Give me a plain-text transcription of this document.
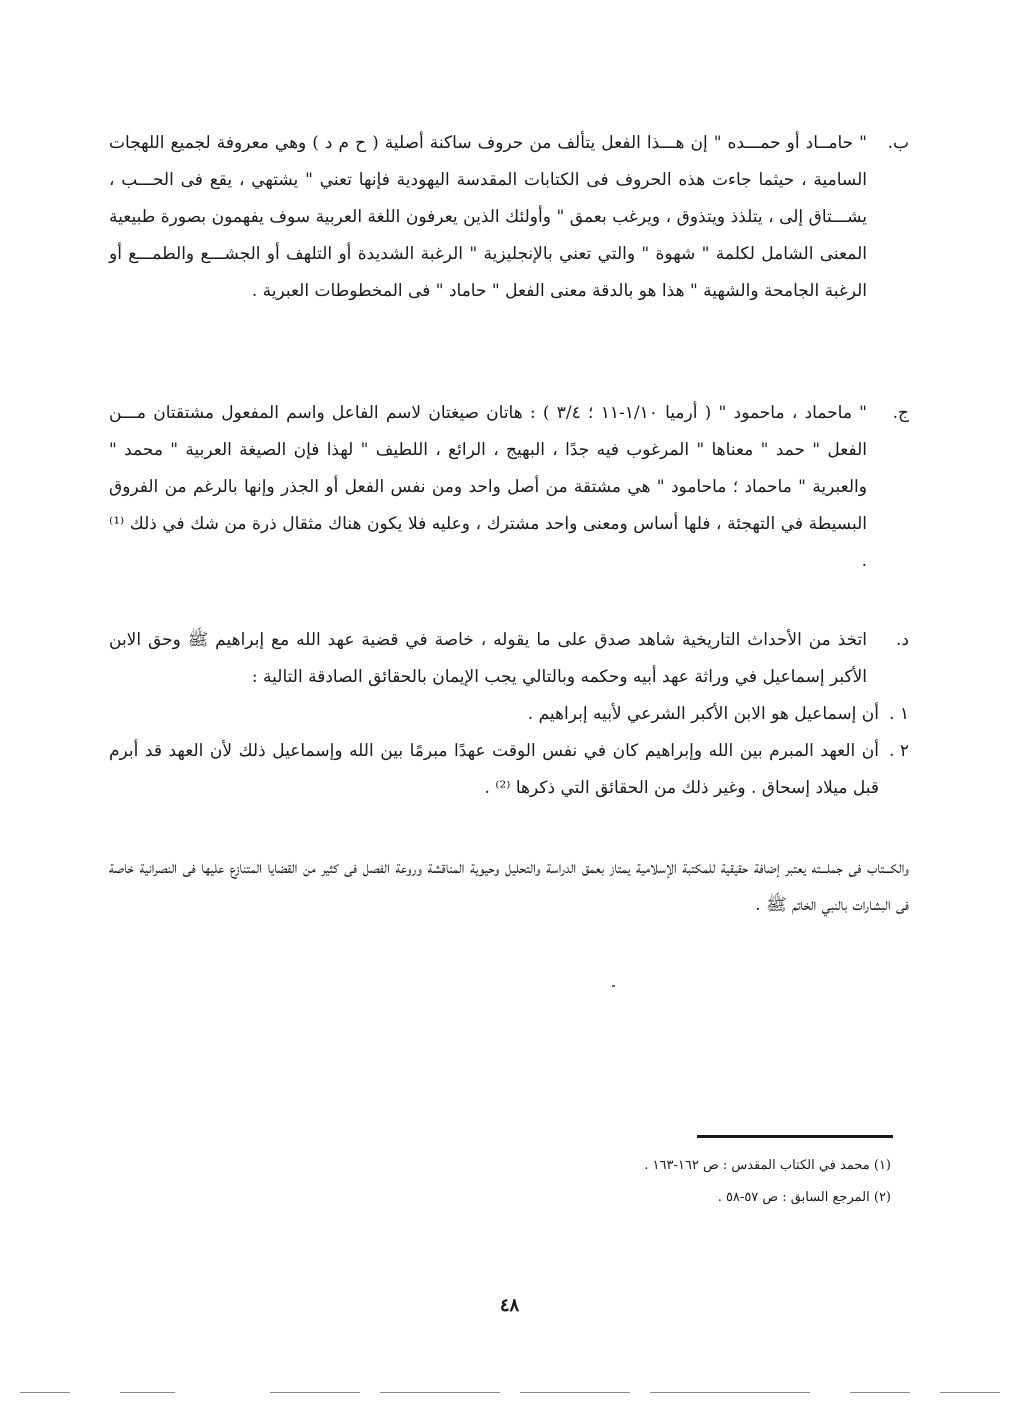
ب.

" حامــاد أو حمـــده " إن هـــذا الفعل يتألف من حروف ساكنة أصلية ( ح م د ) وهي معروفة لجميع اللهجات السامية ، حيثما جاءت هذه الحروف فى الكتابات المقدسة اليهودية فإنها تعني " يشتهي ، يقع فى الحـــب ، يشـــتاق إلى ، يتلذذ ويتذوق ، ويرغب بعمق " وأولئك الذين يعرفون اللغة العربية سوف يفهمون بصورة طبيعية المعنى الشامل لكلمة " شهوة " والتي تعني بالإنجليزية " الرغبة الشديدة أو التلهف أو الجشـــع والطمـــع أو الرغبة الجامحة والشهية " هذا هو بالدقة معنى الفعل " حاماد " فى المخطوطات العبرية .

ج.

" ماحماد ، ماحمود " ( أرميا ١/١٠-١١ ؛ ٣/٤ ) : هاتان صيغتان لاسم الفاعل واسم المفعول مشتقتان مـــن الفعل " حمد " معناها " المرغوب فيه جدًا ، البهيج ، الرائع ، اللطيف " لهذا فإن الصيغة العربية " محمد " والعبرية " ماحماد ؛ ماحامود " هي مشتقة من أصل واحد ومن نفس الفعل أو الجذر وإنها بالرغم من الفروق البسيطة في التهجئة ، فلها أساس ومعنى واحد مشترك ، وعليه فلا يكون هناك مثقال ذرة من شك في ذلك ⁽¹⁾ .

د.

اتخذ من الأحداث التاريخية شاهد صدق على ما يقوله ، خاصة في قضية عهد الله مع إبراهيم ﷺ وحق الابن الأكبر إسماعيل في وراثة عهد أبيه وحكمه وبالتالي يجب الإيمان بالحقائق الصادقة التالية :

١ .

أن إسماعيل هو الابن الأكبر الشرعي لأبيه إبراهيم .

٢ .

أن العهد المبرم بين الله وإبراهيم كان في نفس الوقت عهدًا مبرمًا بين الله وإسماعيل ذلك لأن العهد قد أبرم قبل ميلاد إسحاق . وغير ذلك من الحقائق التي ذكرها ⁽²⁾ .

والكـــتاب فى جملـــته يعتبر إضافة حقيقية للمكتبة الإسلامية يمتاز بعمق الدراسة والتحليل وحيوية المناقشة وروعة الفصل فى كثير من القضايا المتنازع عليها فى النصرانية خاصة فى البشارات بالنبي الخاتم ﷺ .

(١) محمد في الكتاب المقدس : ص ١٦٢-١٦٣ .

(٢) المرجع السابق : ص ٥٧-٥٨ .

٤٨
